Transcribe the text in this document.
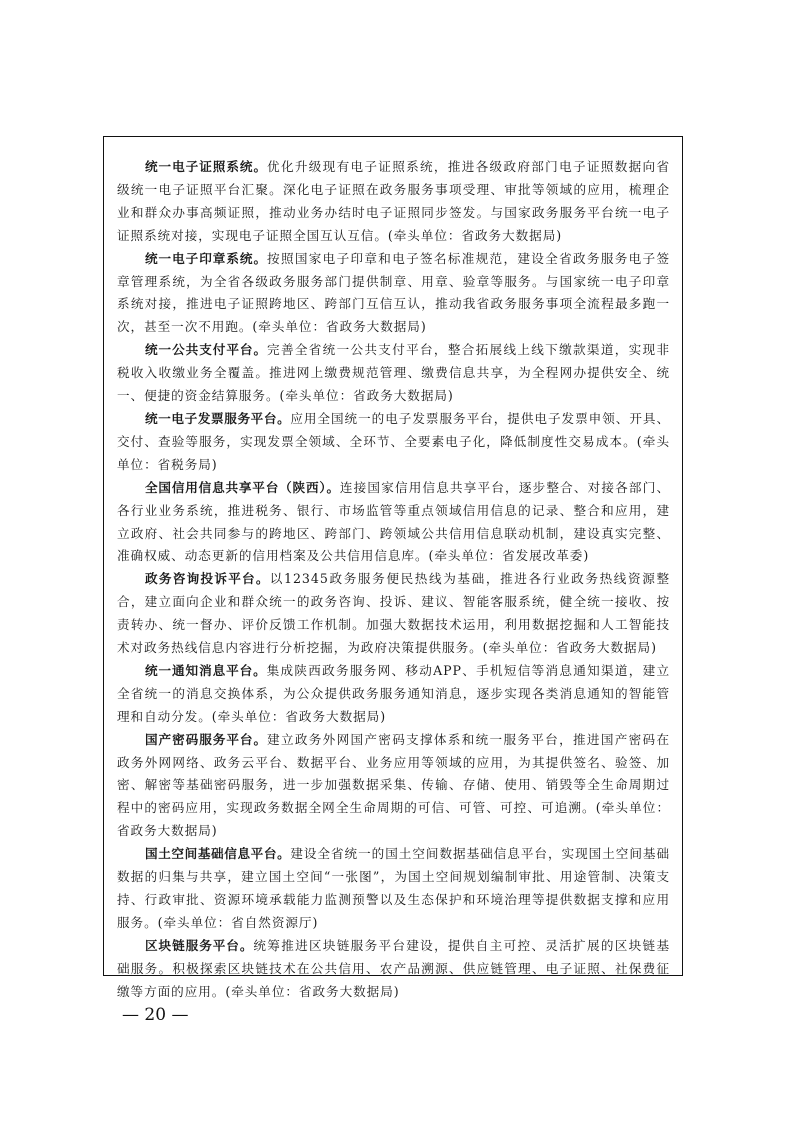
统一电子证照系统。优化升级现有电子证照系统，推进各级政府部门电子证照数据向省级统一电子证照平台汇聚。深化电子证照在政务服务事项受理、审批等领域的应用，梳理企业和群众办事高频证照，推动业务办结时电子证照同步签发。与国家政务服务平台统一电子证照系统对接，实现电子证照全国互认互信。(牵头单位：省政务大数据局)

统一电子印章系统。按照国家电子印章和电子签名标准规范，建设全省政务服务电子签章管理系统，为全省各级政务服务部门提供制章、用章、验章等服务。与国家统一电子印章系统对接，推进电子证照跨地区、跨部门互信互认，推动我省政务服务事项全流程最多跑一次，甚至一次不用跑。(牵头单位：省政务大数据局)

统一公共支付平台。完善全省统一公共支付平台，整合拓展线上线下缴款渠道，实现非税收入收缴业务全覆盖。推进网上缴费规范管理、缴费信息共享，为全程网办提供安全、统一、便捷的资金结算服务。(牵头单位：省政务大数据局)

统一电子发票服务平台。应用全国统一的电子发票服务平台，提供电子发票申领、开具、交付、查验等服务，实现发票全领域、全环节、全要素电子化，降低制度性交易成本。(牵头单位：省税务局)

全国信用信息共享平台（陕西）。连接国家信用信息共享平台，逐步整合、对接各部门、各行业业务系统，推进税务、银行、市场监管等重点领域信用信息的记录、整合和应用，建立政府、社会共同参与的跨地区、跨部门、跨领域公共信用信息联动机制，建设真实完整、准确权威、动态更新的信用档案及公共信用信息库。(牵头单位：省发展改革委)

政务咨询投诉平台。以12345政务服务便民热线为基础，推进各行业政务热线资源整合，建立面向企业和群众统一的政务咨询、投诉、建议、智能客服系统，健全统一接收、按责转办、统一督办、评价反馈工作机制。加强大数据技术运用，利用数据挖掘和人工智能技术对政务热线信息内容进行分析挖掘，为政府决策提供服务。(牵头单位：省政务大数据局)

统一通知消息平台。集成陕西政务服务网、移动APP、手机短信等消息通知渠道，建立全省统一的消息交换体系，为公众提供政务服务通知消息，逐步实现各类消息通知的智能管理和自动分发。(牵头单位：省政务大数据局)

国产密码服务平台。建立政务外网国产密码支撑体系和统一服务平台，推进国产密码在政务外网网络、政务云平台、数据平台、业务应用等领域的应用，为其提供签名、验签、加密、解密等基础密码服务，进一步加强数据采集、传输、存储、使用、销毁等全生命周期过程中的密码应用，实现政务数据全网全生命周期的可信、可管、可控、可追溯。(牵头单位：省政务大数据局)

国土空间基础信息平台。建设全省统一的国土空间数据基础信息平台，实现国土空间基础数据的归集与共享，建立国土空间“一张图”，为国土空间规划编制审批、用途管制、决策支持、行政审批、资源环境承载能力监测预警以及生态保护和环境治理等提供数据支撑和应用服务。(牵头单位：省自然资源厅)

区块链服务平台。统筹推进区块链服务平台建设，提供自主可控、灵活扩展的区块链基础服务。积极探索区块链技术在公共信用、农产品溯源、供应链管理、电子证照、社保费征缴等方面的应用。(牵头单位：省政务大数据局)

— 20 —
